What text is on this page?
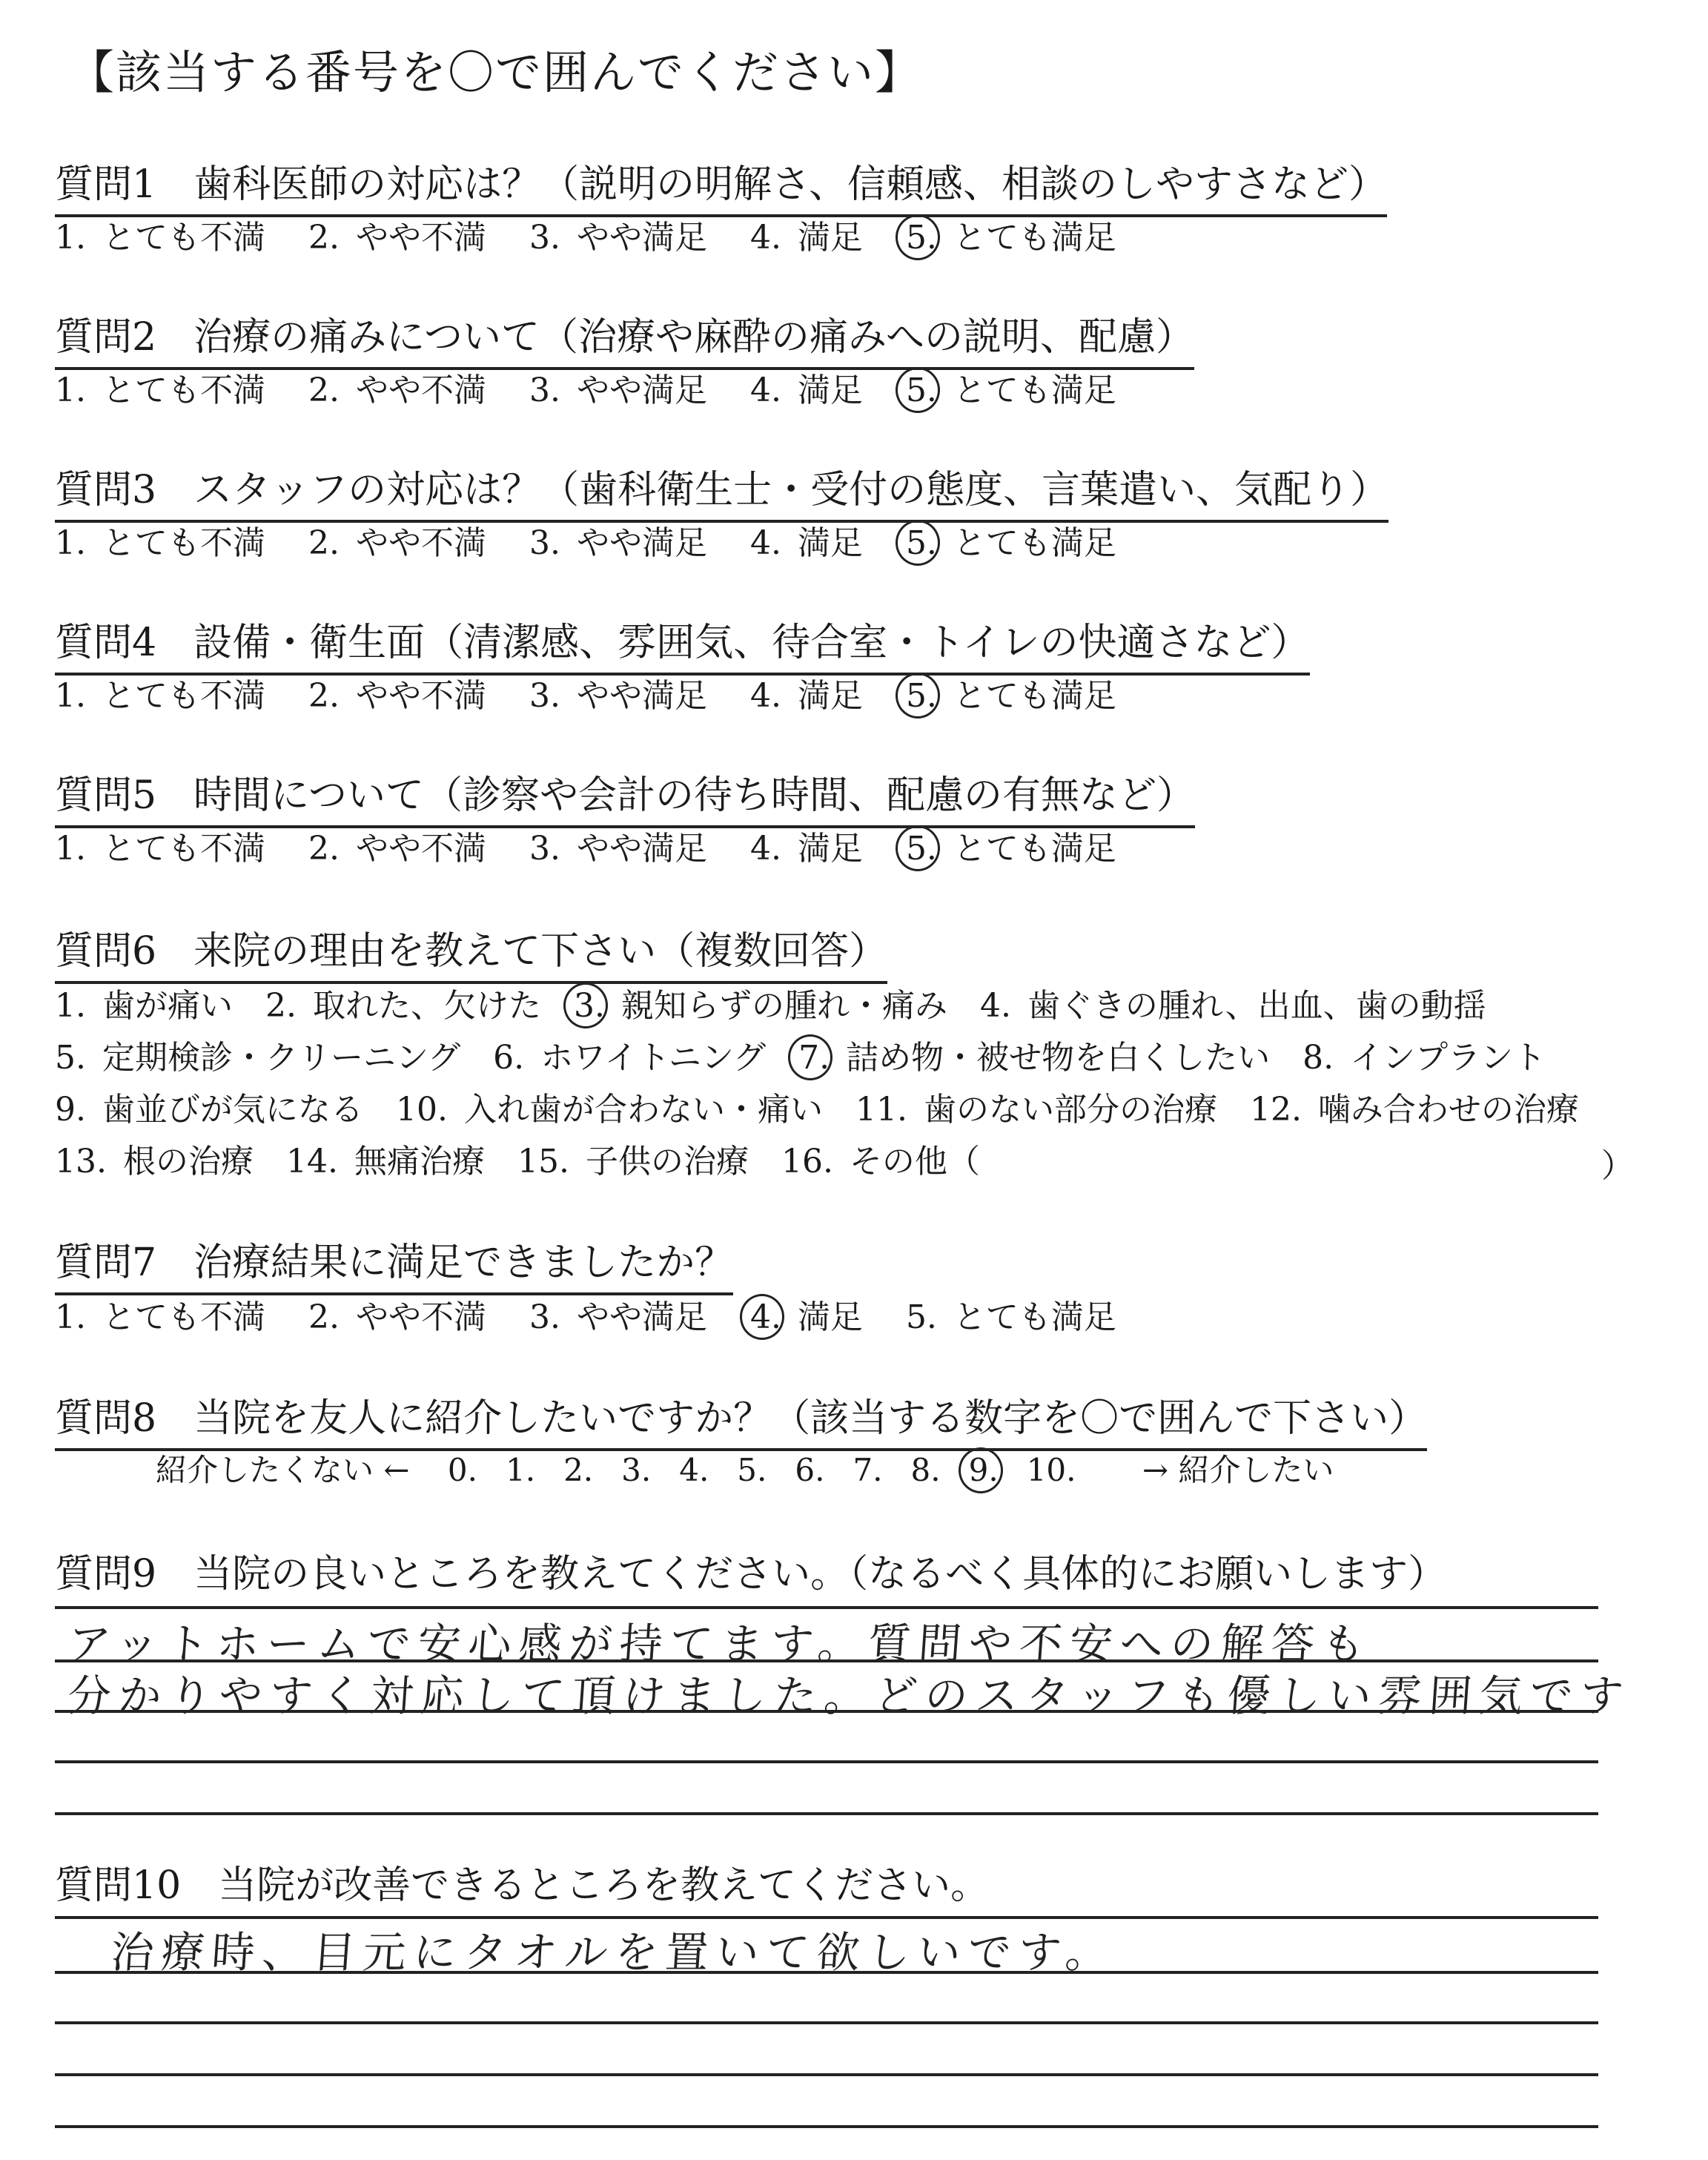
【該当する番号を〇で囲んでください】
質問1 歯科医師の対応は？（説明の明解さ、信頼感、相談のしやすさなど）
1. とても不満 2. やや不満 3. やや満足 4. 満足 5. とても満足
質問2 治療の痛みについて（治療や麻酔の痛みへの説明、配慮）
1. とても不満 2. やや不満 3. やや満足 4. 満足 5. とても満足
質問3 スタッフの対応は？（歯科衛生士・受付の態度、言葉遣い、気配り）
1. とても不満 2. やや不満 3. やや満足 4. 満足 5. とても満足
質問4 設備・衛生面（清潔感、雰囲気、待合室・トイレの快適さなど）
1. とても不満 2. やや不満 3. やや満足 4. 満足 5. とても満足
質問5 時間について（診察や会計の待ち時間、配慮の有無など）
1. とても不満 2. やや不満 3. やや満足 4. 満足 5. とても満足
質問6 来院の理由を教えて下さい（複数回答）
1. 歯が痛い 2. 取れた、欠けた 3. 親知らずの腫れ・痛み 4. 歯ぐきの腫れ、出血、歯の動揺
5. 定期検診・クリーニング 6. ホワイトニング 7. 詰め物・被せ物を白くしたい 8. インプラント
9. 歯並びが気になる 10. 入れ歯が合わない・痛い 11. 歯のない部分の治療 12. 噛み合わせの治療
13. 根の治療 14. 無痛治療 15. 子供の治療 16. その他（	）
質問7 治療結果に満足できましたか？
1. とても不満 2. やや不満 3. やや満足 4. 満足 5. とても満足
質問8 当院を友人に紹介したいですか？（該当する数字を〇で囲んで下さい）
紹介したくない ← 0. 1. 2. 3. 4. 5. 6. 7. 8. 9. 10. → 紹介したい
質問9 当院の良いところを教えてください。（なるべく具体的にお願いします）
アットホームで安心感が持てます。質問や不安への解答も
分かりやすく対応して頂けました。どのスタッフも優しい雰囲気です
質問10 当院が改善できるところを教えてください。
治療時、目元にタオルを置いて欲しいです。
